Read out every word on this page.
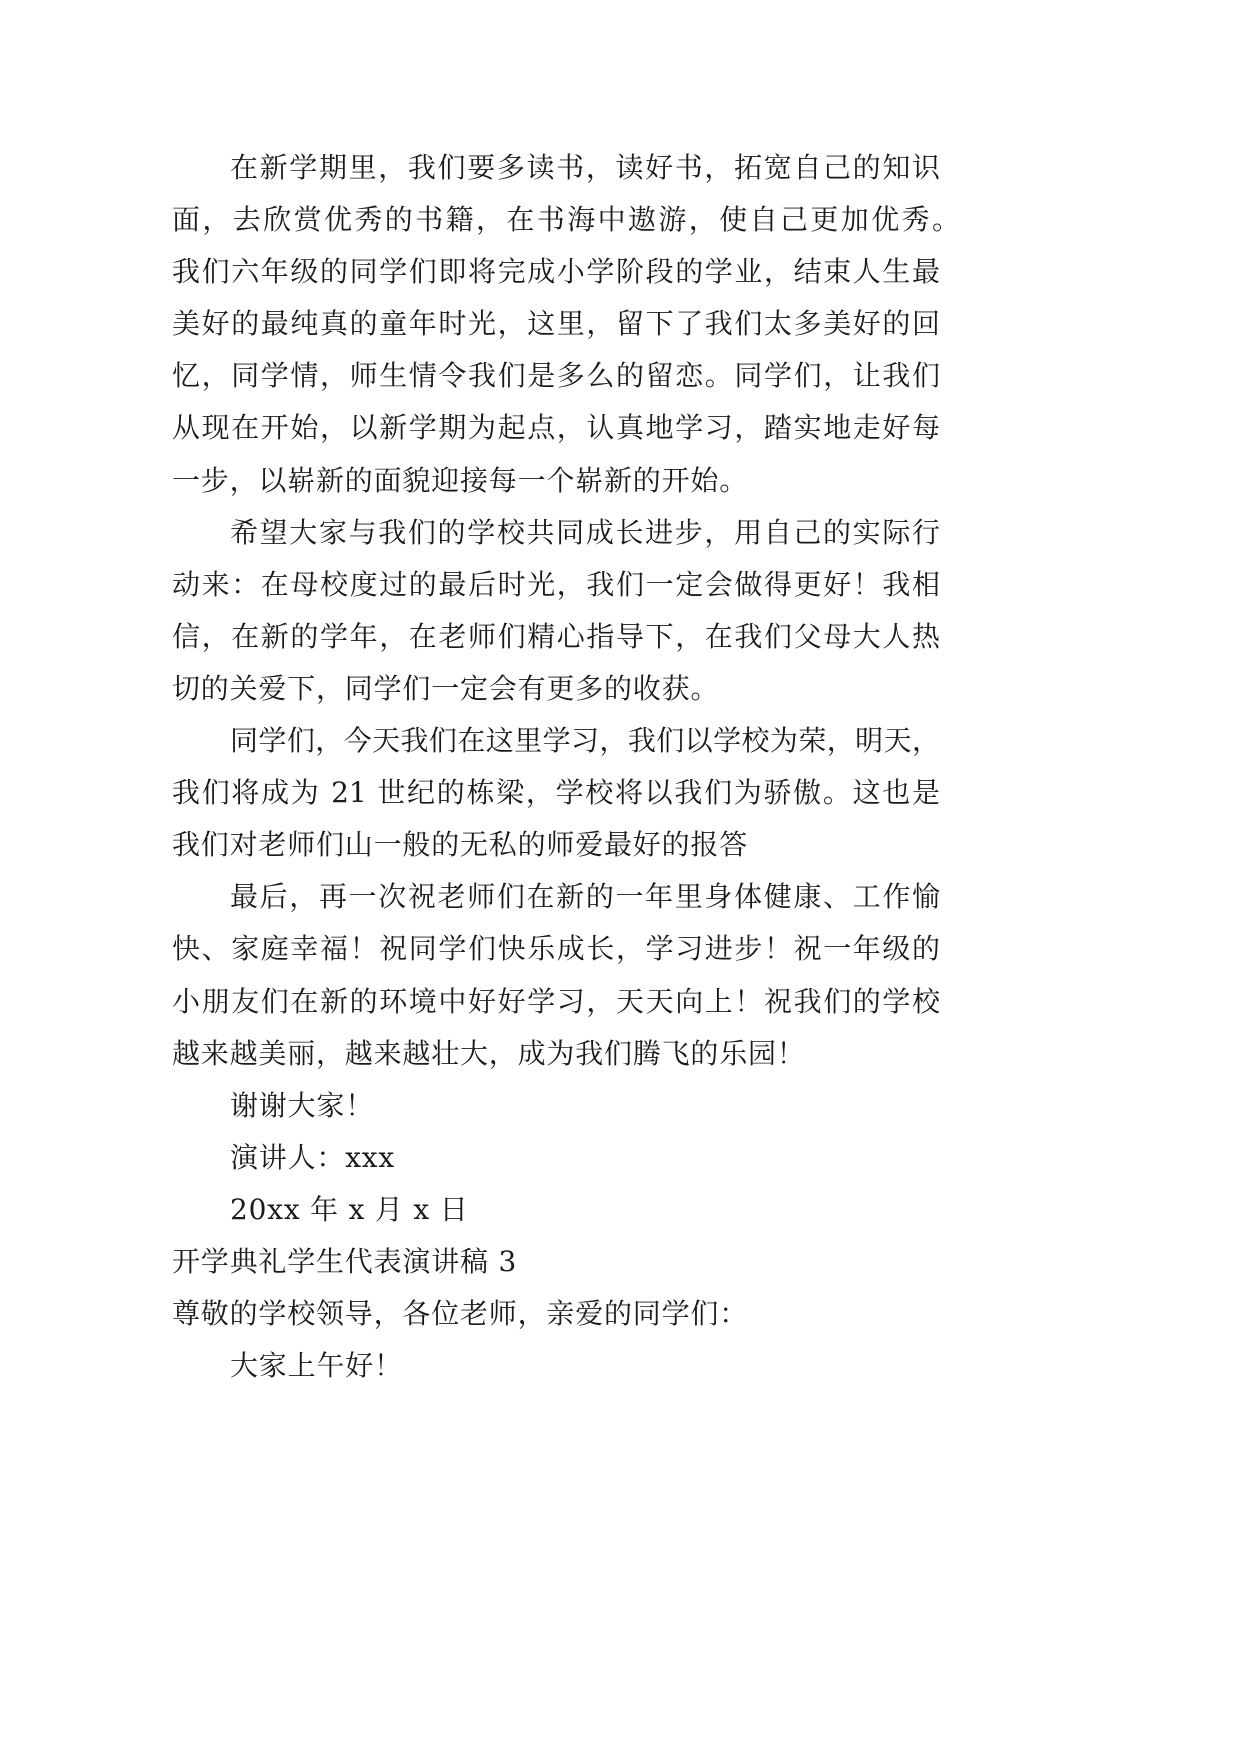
在新学期里，我们要多读书，读好书，拓宽自己的知识
面，去欣赏优秀的书籍，在书海中遨游，使自己更加优秀。
我们六年级的同学们即将完成小学阶段的学业，结束人生最
美好的最纯真的童年时光，这里，留下了我们太多美好的回
忆，同学情，师生情令我们是多么的留恋。同学们，让我们
从现在开始，以新学期为起点，认真地学习，踏实地走好每
一步，以崭新的面貌迎接每一个崭新的开始。
希望大家与我们的学校共同成长进步，用自己的实际行
动来：在母校度过的最后时光，我们一定会做得更好！我相
信，在新的学年，在老师们精心指导下，在我们父母大人热
切的关爱下，同学们一定会有更多的收获。
同学们，今天我们在这里学习，我们以学校为荣，明天，
我们将成为 21 世纪的栋梁，学校将以我们为骄傲。这也是
我们对老师们山一般的无私的师爱最好的报答
最后，再一次祝老师们在新的一年里身体健康、工作愉
快、家庭幸福！祝同学们快乐成长，学习进步！祝一年级的
小朋友们在新的环境中好好学习，天天向上！祝我们的学校
越来越美丽，越来越壮大，成为我们腾飞的乐园！
谢谢大家！
演讲人：xxx
20xx 年 x 月 x 日
开学典礼学生代表演讲稿 3
尊敬的学校领导，各位老师，亲爱的同学们：
大家上午好！
